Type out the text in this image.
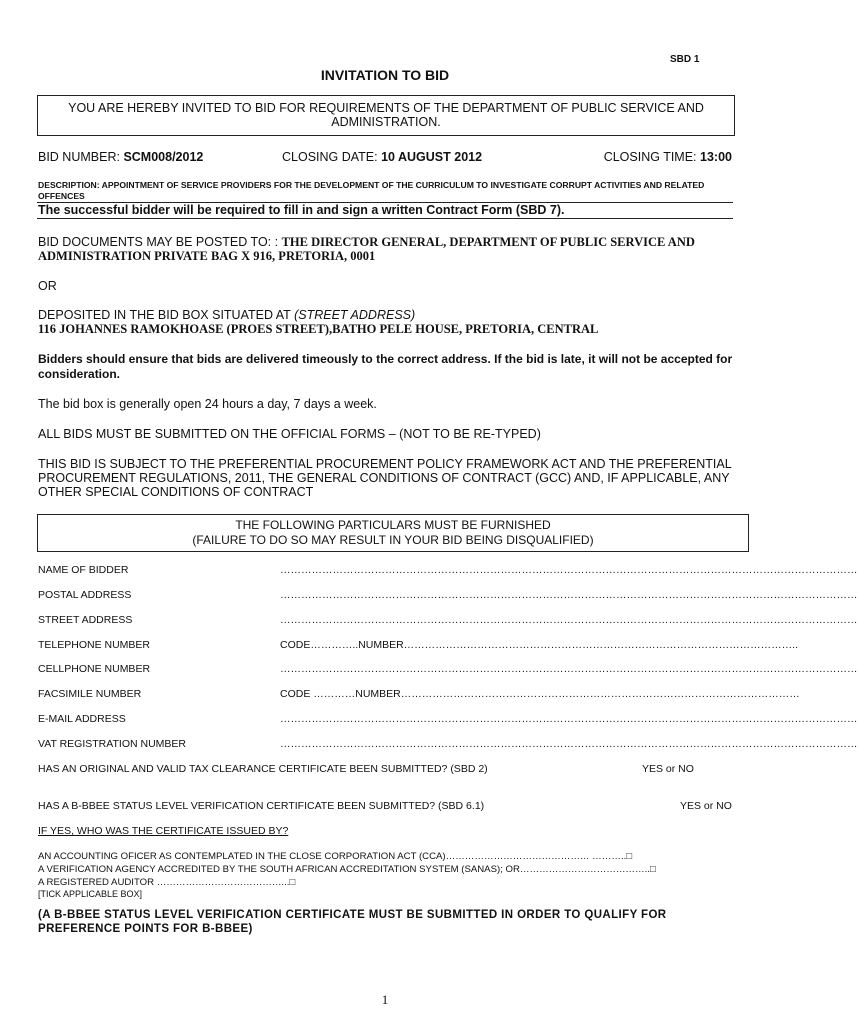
SBD 1
INVITATION TO BID
YOU ARE HEREBY INVITED TO BID FOR REQUIREMENTS OF THE DEPARTMENT OF PUBLIC SERVICE AND ADMINISTRATION.
BID NUMBER: SCM008/2012	CLOSING DATE: 10 AUGUST 2012	CLOSING TIME: 13:00
DESCRIPTION: APPOINTMENT OF SERVICE PROVIDERS FOR THE DEVELOPMENT OF THE CURRICULUM TO INVESTIGATE CORRUPT ACTIVITIES AND RELATED OFFENCES
The successful bidder will be required to fill in and sign a written Contract Form (SBD 7).
BID DOCUMENTS MAY BE POSTED TO: : THE DIRECTOR GENERAL, DEPARTMENT OF PUBLIC SERVICE AND ADMINISTRATION PRIVATE BAG X 916, PRETORIA, 0001
OR
DEPOSITED IN THE BID BOX SITUATED AT (STREET ADDRESS)
116 JOHANNES RAMOKHOASE (PROES STREET),BATHO PELE HOUSE, PRETORIA, CENTRAL
Bidders should ensure that bids are delivered timeously to the correct address. If the bid is late, it will not be accepted for consideration.
The bid box is generally open 24 hours a day, 7 days a week.
ALL BIDS MUST BE SUBMITTED ON THE OFFICIAL FORMS – (NOT TO BE RE-TYPED)
THIS BID IS SUBJECT TO THE PREFERENTIAL PROCUREMENT POLICY FRAMEWORK ACT AND THE PREFERENTIAL PROCUREMENT REGULATIONS, 2011, THE GENERAL CONDITIONS OF CONTRACT (GCC) AND, IF APPLICABLE, ANY OTHER SPECIAL CONDITIONS OF CONTRACT
THE FOLLOWING PARTICULARS MUST BE FURNISHED
(FAILURE TO DO SO MAY RESULT IN YOUR BID BEING DISQUALIFIED)
NAME OF BIDDER	…………………………………………………………………………………………………………………………………………………
POSTAL ADDRESS	…………………………………………………………………………………………………………………………………………………
STREET ADDRESS	…………………………………………………………………………………………………………………………………………………
TELEPHONE NUMBER	CODE…………..NUMBER…………………………………………………………………………………………………..
CELLPHONE NUMBER	…………………………………………………………………………………………………………………………………………………
FACSIMILE NUMBER	CODE …………NUMBER……………………………………………………………………………………………………
E-MAIL ADDRESS	…………………………………………………………………………………………………………………………………………………
VAT REGISTRATION NUMBER	…………………………………………………………………………………………………………………………………………………
HAS AN ORIGINAL AND VALID TAX CLEARANCE CERTIFICATE BEEN SUBMITTED? (SBD 2)	YES or NO
HAS A B-BBEE STATUS LEVEL VERIFICATION CERTIFICATE BEEN SUBMITTED? (SBD 6.1)	YES or NO
IF YES, WHO WAS THE CERTIFICATE ISSUED BY?
AN ACCOUNTING OFICER AS CONTEMPLATED IN THE CLOSE CORPORATION ACT (CCA)……………………………………… ………..□
A VERIFICATION AGENCY ACCREDITED BY THE SOUTH AFRICAN ACCREDITATION SYSTEM (SANAS); OR…………………………………..□
A REGISTERED AUDITOR …………………………………...□
[TICK APPLICABLE BOX]
(A B-BBEE STATUS LEVEL VERIFICATION CERTIFICATE MUST BE SUBMITTED IN ORDER TO QUALIFY FOR PREFERENCE POINTS FOR B-BBEE)
1
